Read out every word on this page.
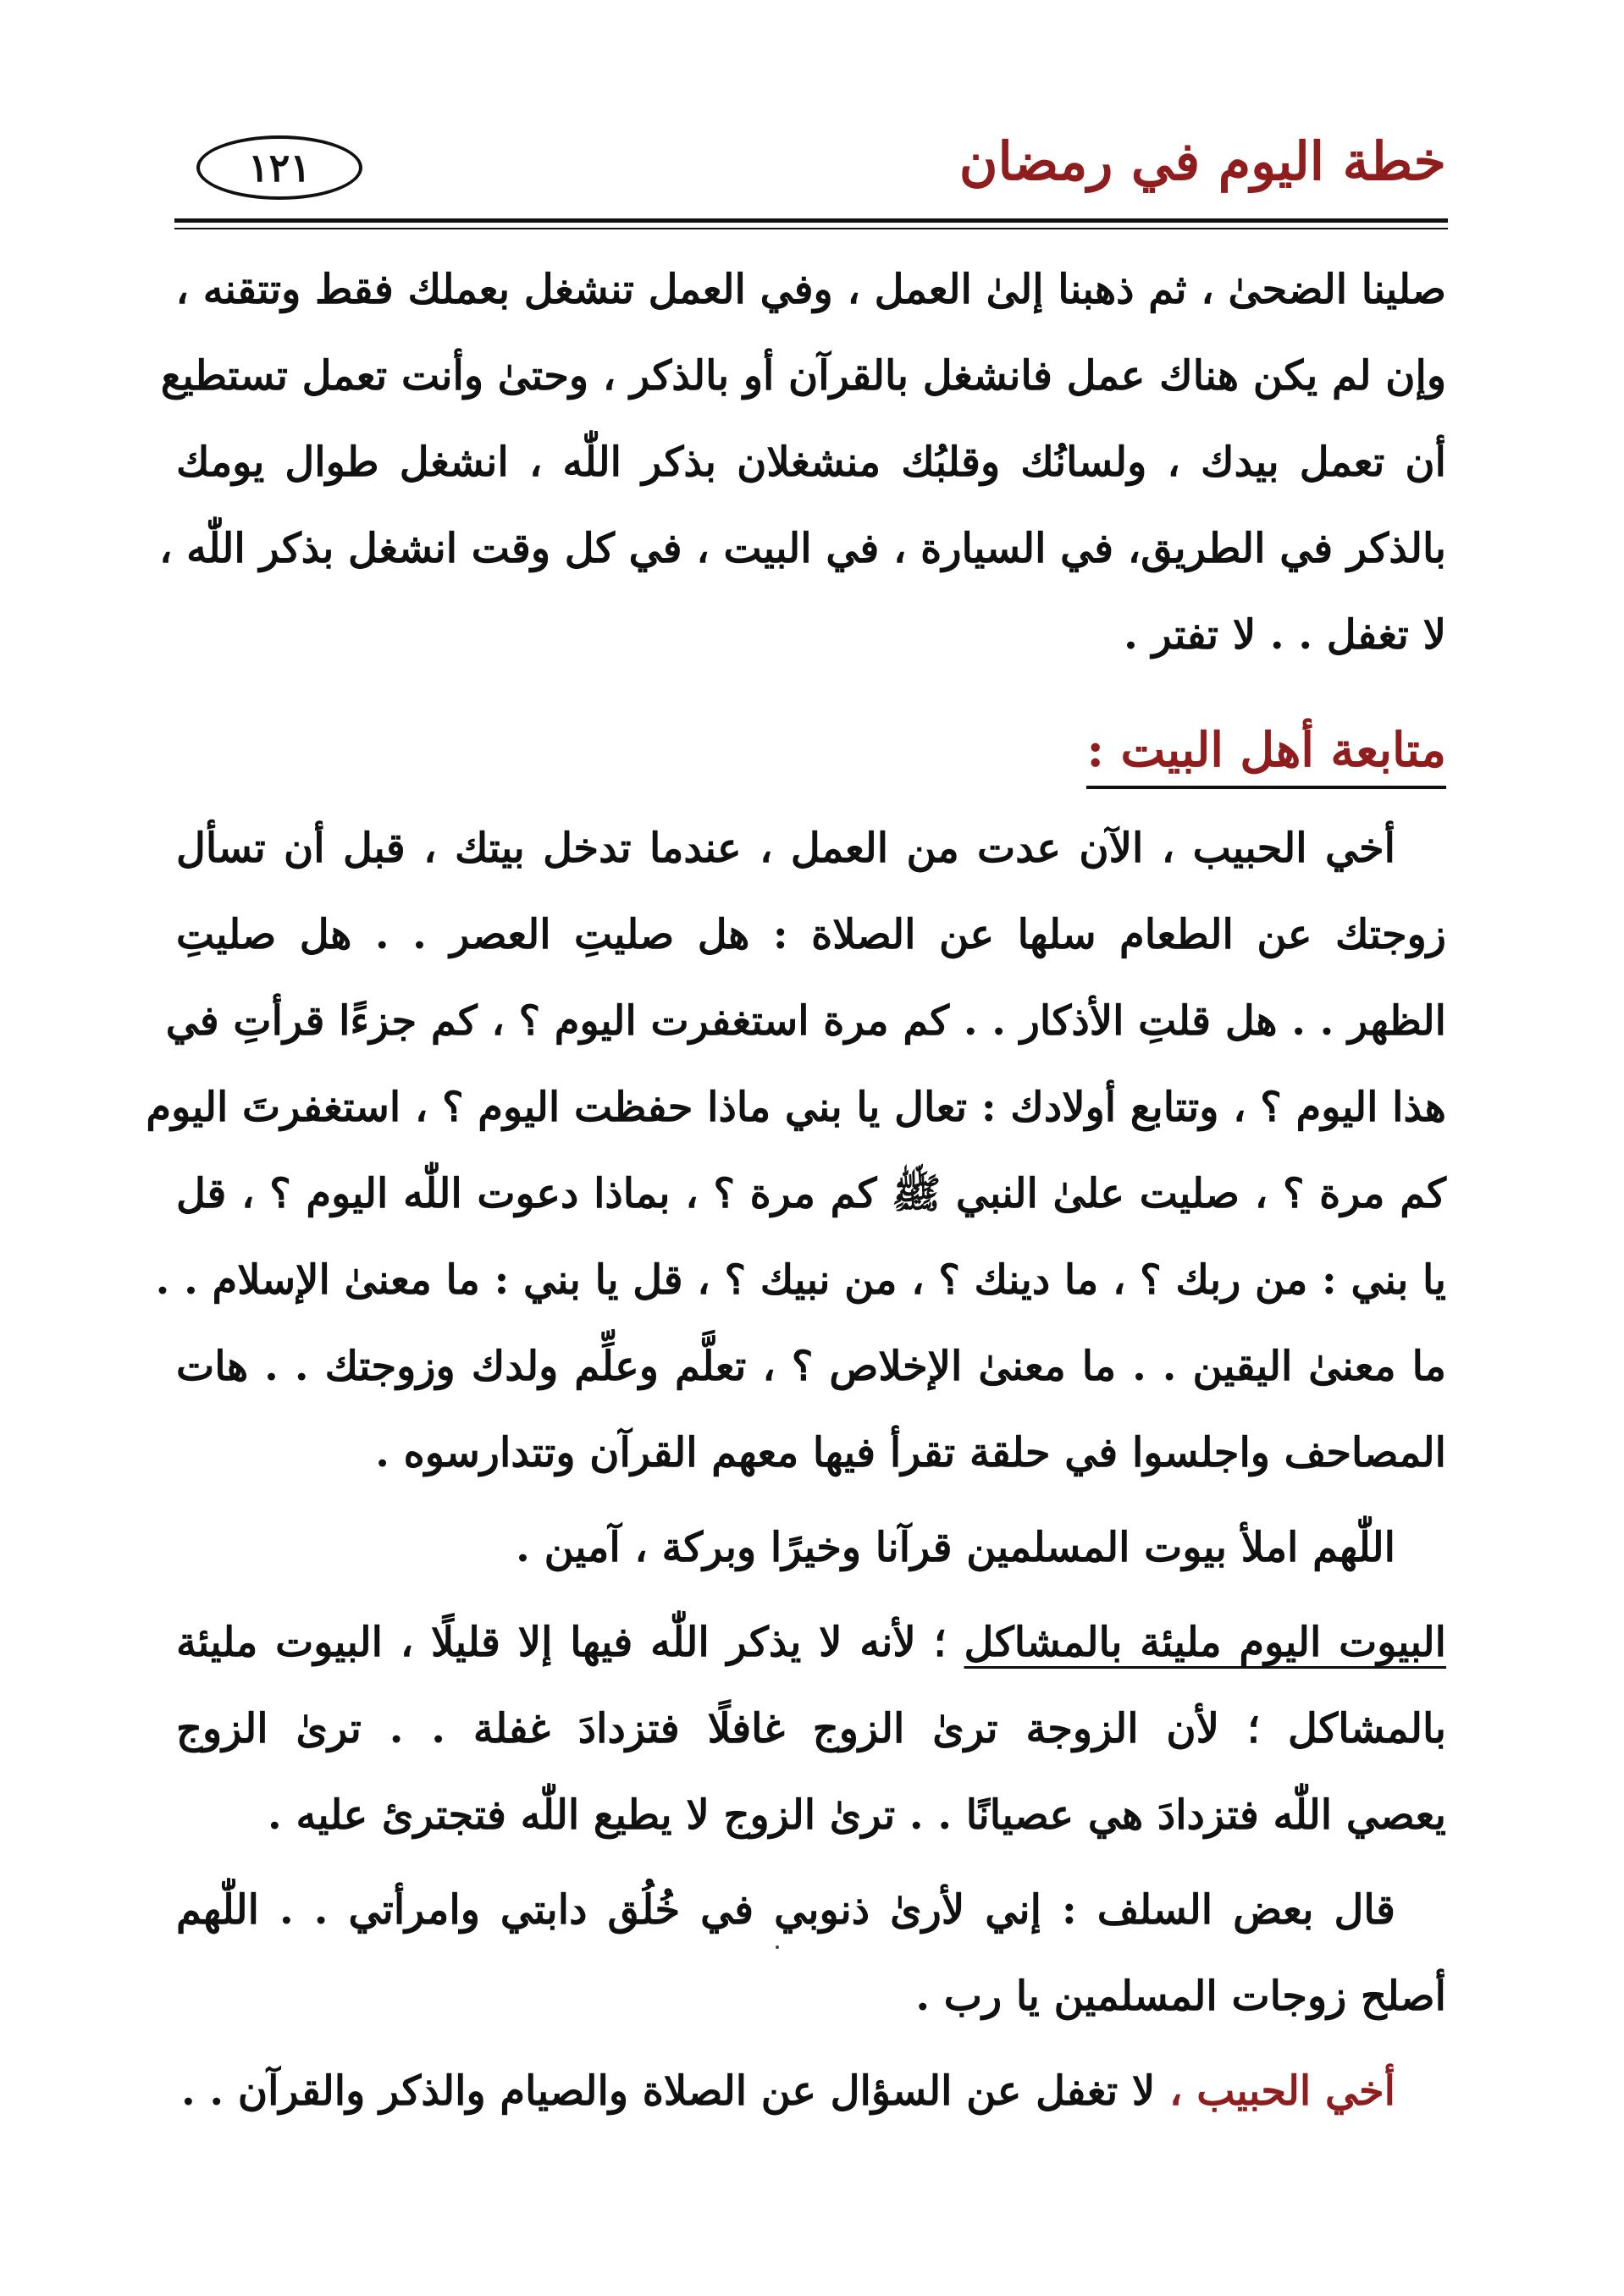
خطة اليوم في رمضان
١٢١
صلينا الضحىٰ ، ثم ذهبنا إلىٰ العمل ، وفي العمل تنشغل بعملك فقط وتتقنه ،
وإن لم يكن هناك عمل فانشغل بالقرآن أو بالذكر ، وحتىٰ وأنت تعمل تستطيع
أن تعمل بيدك ، ولسانُك وقلبُك منشغلان بذكر اللّٰه ، انشغل طوال يومك
بالذكر في الطريق، في السيارة ، في البيت ، في كل وقت انشغل بذكر اللّٰه ،
لا تغفل . . لا تفتر .
متابعة أهل البيت :
أخي الحبيب ، الآن عدت من العمل ، عندما تدخل بيتك ، قبل أن تسأل
زوجتك عن الطعام سلها عن الصلاة : هل صليتِ العصر . . هل صليتِ
الظهر . . هل قلتِ الأذكار . . كم مرة استغفرت اليوم ؟ ، كم جزءًا قرأتِ في
هذا اليوم ؟ ، وتتابع أولادك : تعال يا بني ماذا حفظت اليوم ؟ ، استغفرتَ اليوم
كم مرة ؟ ، صليت علىٰ النبي ﷺ كم مرة ؟ ، بماذا دعوت اللّٰه اليوم ؟ ، قل
يا بني : من ربك ؟ ، ما دينك ؟ ، من نبيك ؟ ، قل يا بني : ما معنىٰ الإسلام . .
ما معنىٰ اليقين . . ما معنىٰ الإخلاص ؟ ، تعلَّم وعلِّم ولدك وزوجتك . . هات
المصاحف واجلسوا في حلقة تقرأ فيها معهم القرآن وتتدارسوه .
اللّٰهم املأ بيوت المسلمين قرآنا وخيرًا وبركة ، آمين .
البيوت اليوم مليئة بالمشاكل ؛ لأنه لا يذكر اللّٰه فيها إلا قليلًا ، البيوت مليئة
بالمشاكل ؛ لأن الزوجة ترىٰ الزوج غافلًا فتزدادَ غفلة . . ترىٰ الزوج
يعصي اللّٰه فتزدادَ هي عصيانًا . . ترىٰ الزوج لا يطيع اللّٰه فتجترئ عليه .
قال بعض السلف : إني لأرىٰ ذنوبي في خُلُق دابتي وامرأتي . . اللّٰهم
أصلح زوجات المسلمين يا رب .
أخي الحبيب ، لا تغفل عن السؤال عن الصلاة والصيام والذكر والقرآن . .
